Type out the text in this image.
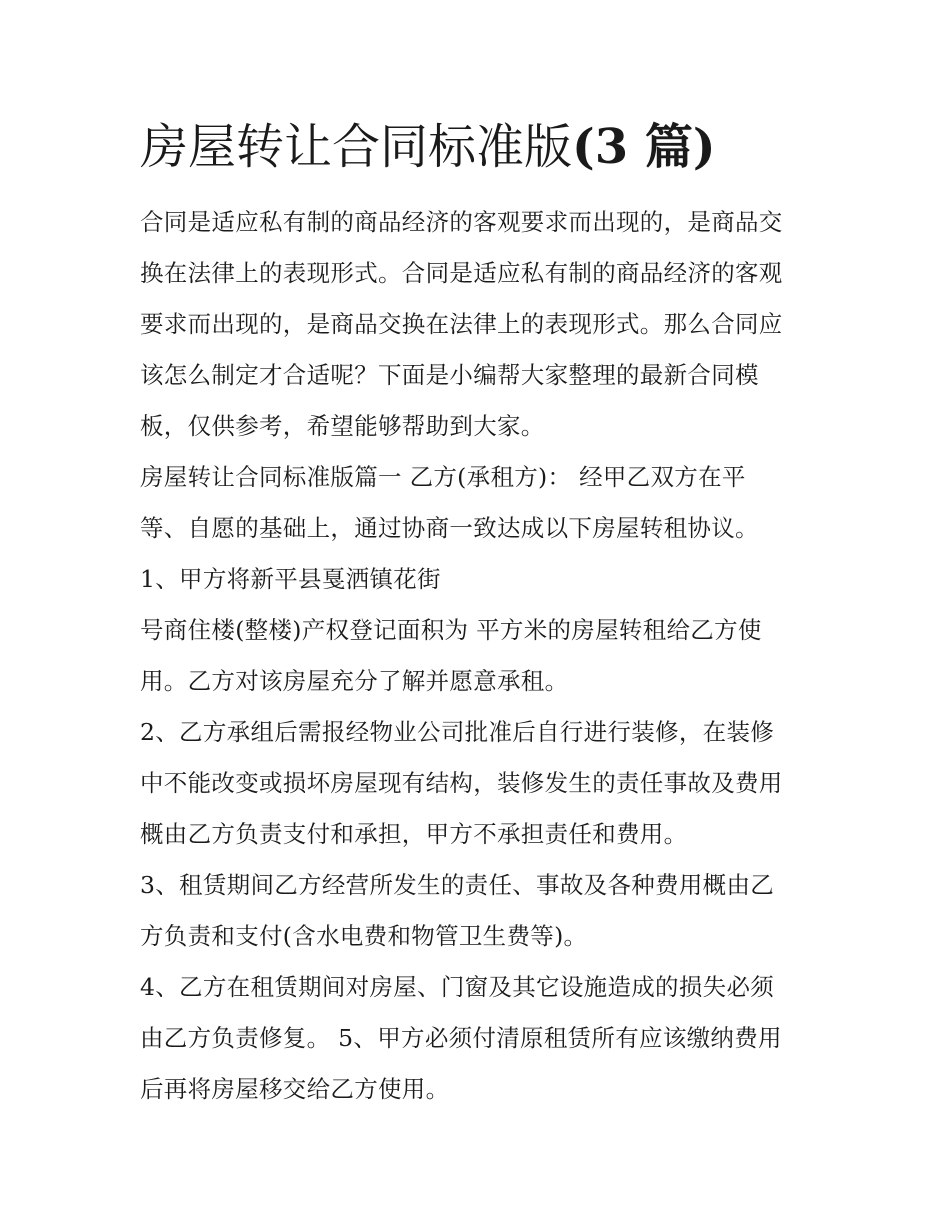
房屋转让合同标准版(3 篇)

合同是适应私有制的商品经济的客观要求而出现的，是商品交

换在法律上的表现形式。合同是适应私有制的商品经济的客观

要求而出现的，是商品交换在法律上的表现形式。那么合同应

该怎么制定才合适呢？下面是小编帮大家整理的最新合同模

板，仅供参考，希望能够帮助到大家。

房屋转让合同标准版篇一 乙方(承租方)： 经甲乙双方在平

等、自愿的基础上，通过协商一致达成以下房屋转租协议。

1、甲方将新平县戛洒镇花街

号商住楼(整楼)产权登记面积为 平方米的房屋转租给乙方使

用。乙方对该房屋充分了解并愿意承租。

2、乙方承组后需报经物业公司批准后自行进行装修，在装修

中不能改变或损坏房屋现有结构，装修发生的责任事故及费用

概由乙方负责支付和承担，甲方不承担责任和费用。

3、租赁期间乙方经营所发生的责任、事故及各种费用概由乙

方负责和支付(含水电费和物管卫生费等)。

4、乙方在租赁期间对房屋、门窗及其它设施造成的损失必须

由乙方负责修复。 5、甲方必须付清原租赁所有应该缴纳费用

后再将房屋移交给乙方使用。
